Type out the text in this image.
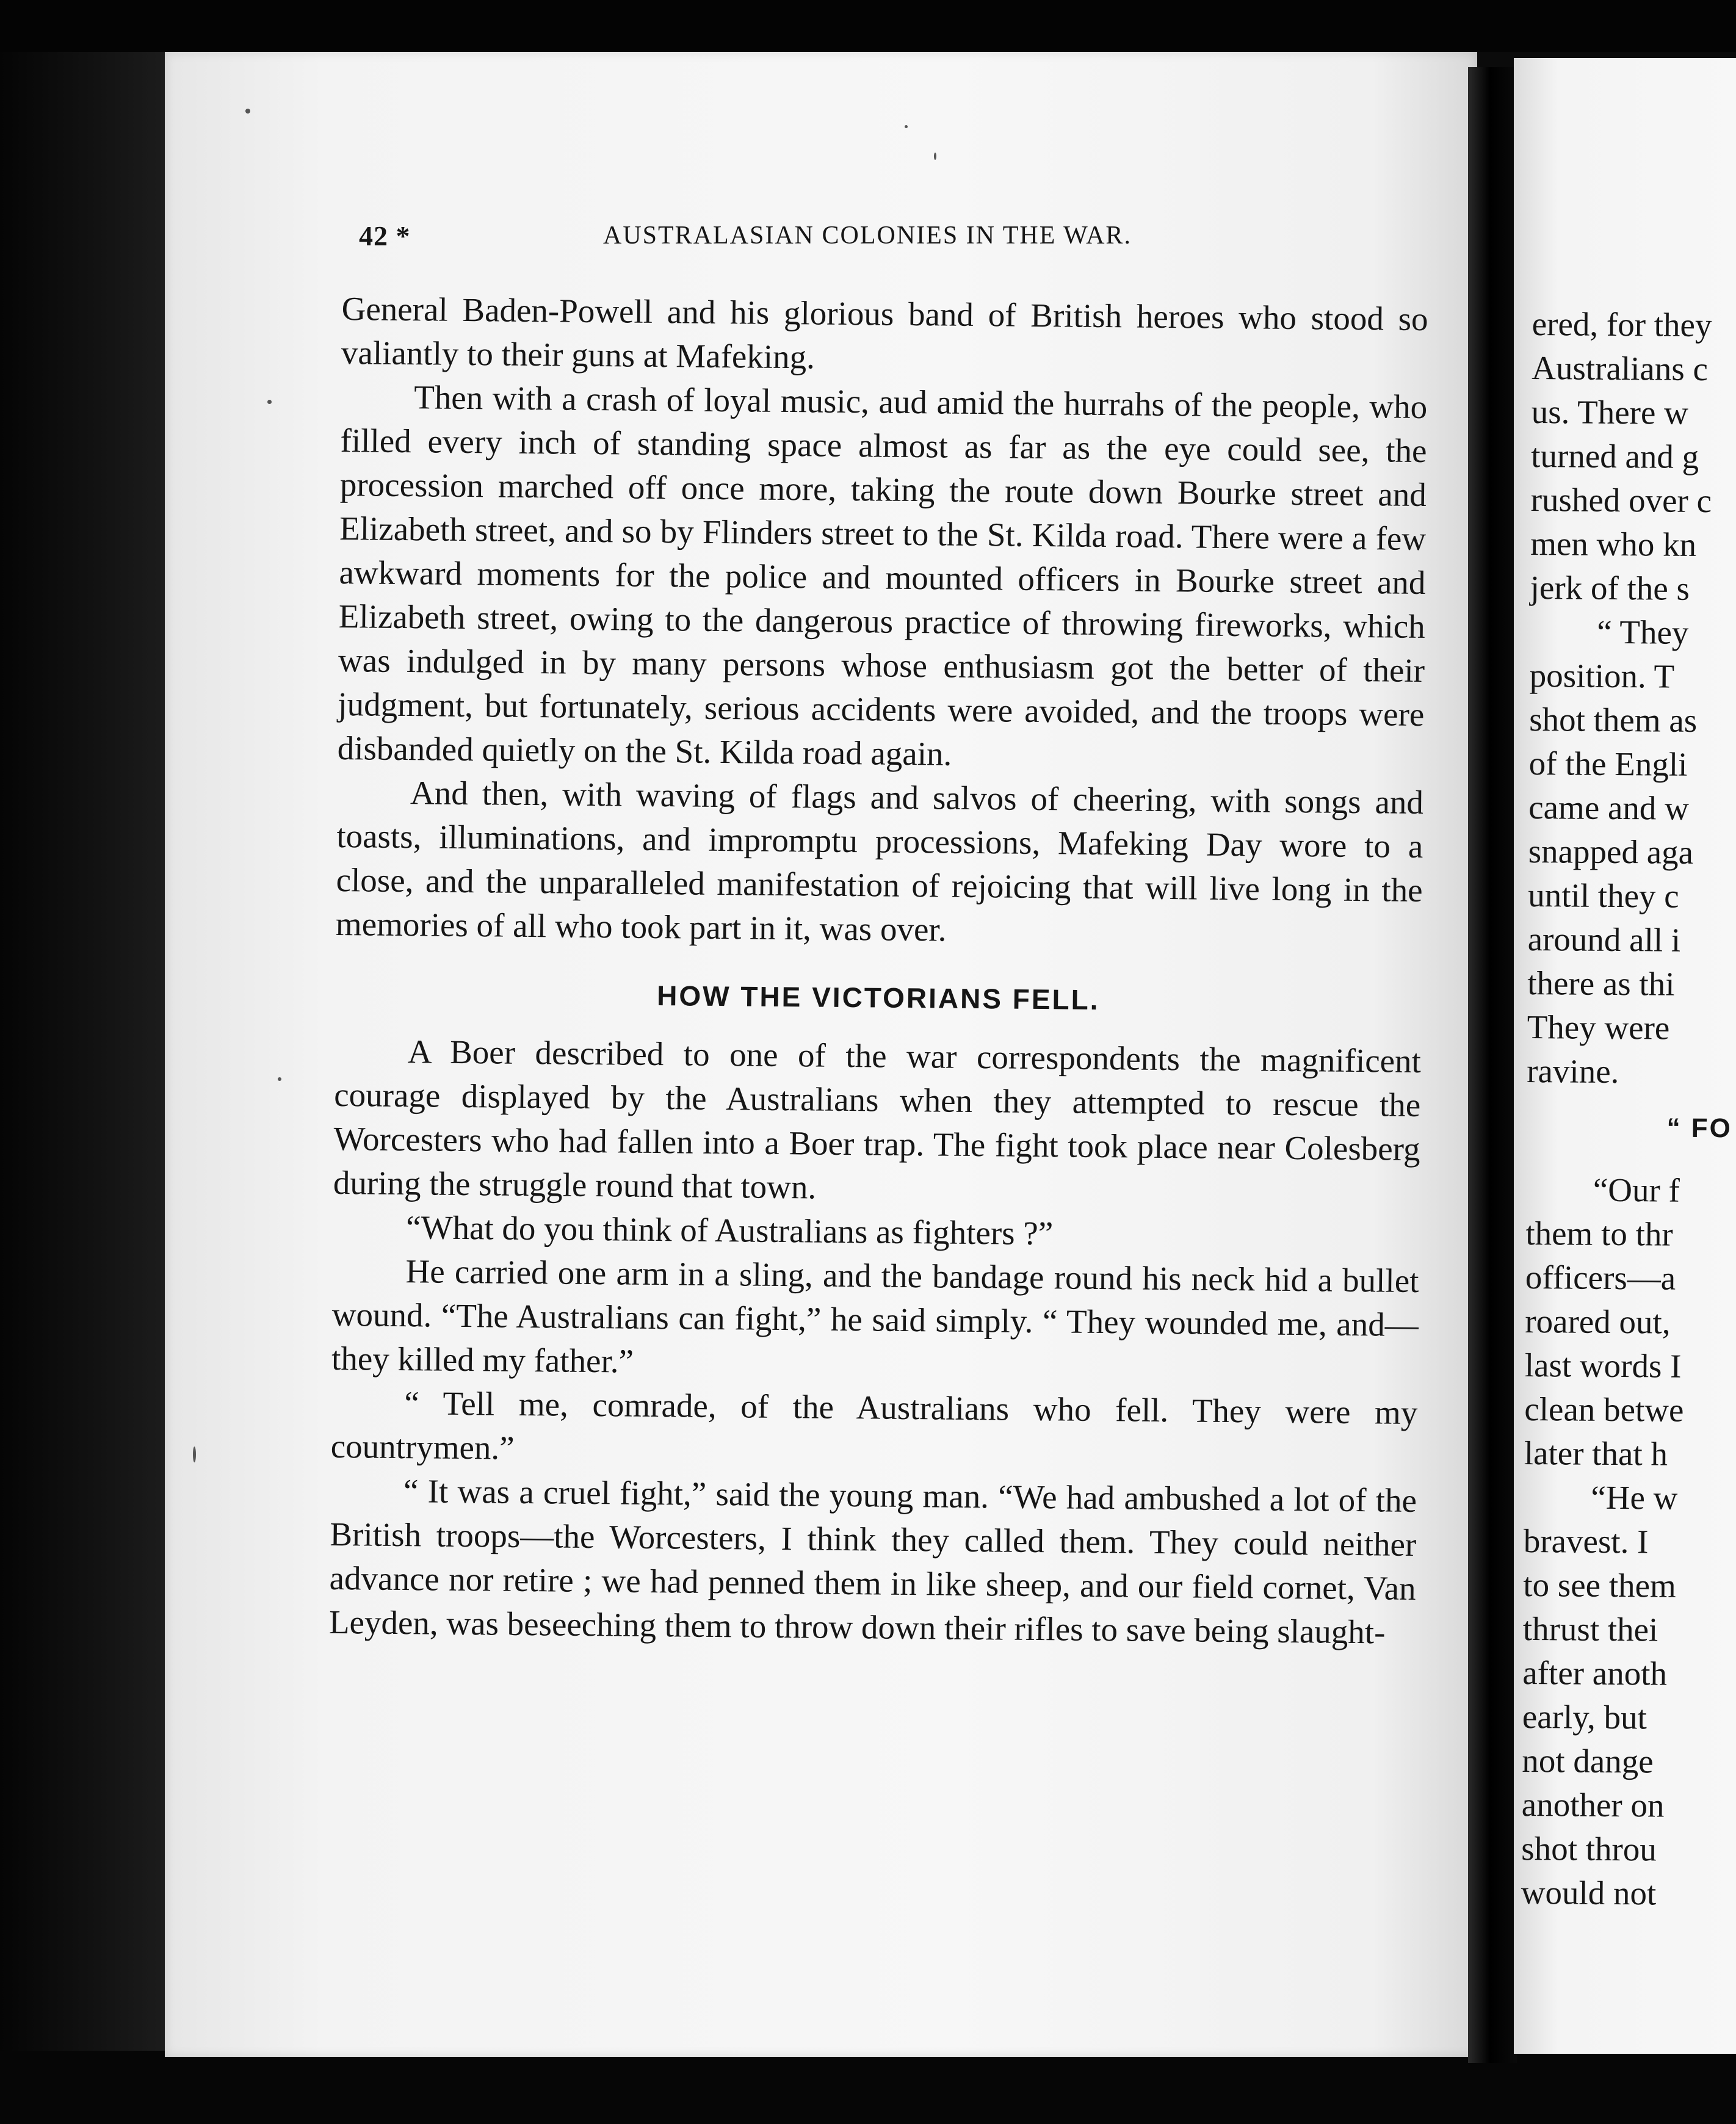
42 *	AUSTRALASIAN COLONIES IN THE WAR.

General Baden-Powell and his glorious band of British heroes who stood so valiantly to their guns at Mafeking.

Then with a crash of loyal music, aud amid the hurrahs of the people, who filled every inch of standing space almost as far as the eye could see, the procession marched off once more, taking the route down Bourke street and Elizabeth street, and so by Flinders street to the St. Kilda road. There were a few awkward moments for the police and mounted officers in Bourke street and Elizabeth street, owing to the dangerous practice of throwing fireworks, which was indulged in by many persons whose enthusiasm got the better of their judgment, but fortunately, serious accidents were avoided, and the troops were disbanded quietly on the St. Kilda road again.

And then, with waving of flags and salvos of cheering, with songs and toasts, illuminations, and impromptu processions, Mafeking Day wore to a close, and the unparalleled manifestation of rejoicing that will live long in the memories of all who took part in it, was over.

HOW THE VICTORIANS FELL.

A Boer described to one of the war correspondents the magnificent courage displayed by the Australians when they attempted to rescue the Worcesters who had fallen into a Boer trap. The fight took place near Colesberg during the struggle round that town.

“What do you think of Australians as fighters ?”

He carried one arm in a sling, and the bandage round his neck hid a bullet wound. “The Australians can fight,” he said simply. “ They wounded me, and—they killed my father.”

“ Tell me, comrade, of the Australians who fell. They were my countrymen.”

“ It was a cruel fight,” said the young man. “We had ambushed a lot of the British troops—the Worcesters, I think they called them. They could neither advance nor retire ; we had penned them in like sheep, and our field cornet, Van Leyden, was beseeching them to throw down their rifles to save being slaught-

ered, for they
Australians c
us. There w
turned and g
rushed over c
men who kn
jerk of the s
“ They
position. T
shot them as
of the Engli
came and w
snapped aga
until they c
around all i
there as thi
They were
ravine.
“ FO
“Our f
them to thr
officers—a
roared out,
last words I
clean betwe
later that h
“He w
bravest. I
to see them
thrust thei
after anoth
early, but
not dange
another on
shot throu
would not
